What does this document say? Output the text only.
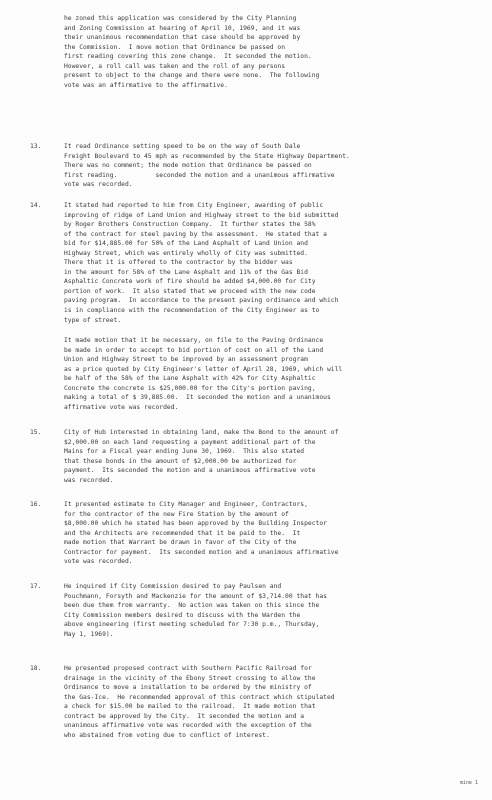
he zoned this application was considered by the City Planning
and Zoning Commission at hearing of April 10, 1969, and it was
their unanimous recommendation that case should be approved by
the Commission.  I move motion that Ordinance be passed on
first reading covering this zone change.  It seconded the motion.
However, a roll call was taken and the roll of any persons
present to object to the change and there were none.  The following
vote was an affirmative to the affirmative.
13.	It read Ordinance setting speed to be on the way of South Dale
Freight Boulevard to 45 mph as recommended by the State Highway Department.
There was no comment; the mode motion that Ordinance be passed on
first reading.          seconded the motion and a unanimous affirmative
vote was recorded.
14.	It stated had reported to him from City Engineer, awarding of public
improving of ridge of Land Union and Highway street to the bid submitted
by Roger Brothers Construction Company.  It further states the 58%
of the contract for steel paving by the assessment.  He stated that a
bid for $14,885.00 for 50% of the Land Asphalt of Land Union and
Highway Street, which was entirely wholly of City was submitted.
There that it is offered to the contractor by the bidder was
in the amount for 58% of the Lane Asphalt and 11% of the Gas Bid
Asphaltic Concrete work of fire should be added $4,000.00 for City
portion of work.  It also stated that we proceed with the new code
paving program.  In accordance to the present paving ordinance and which
is in compliance with the recommendation of the City Engineer as to
type of street.
It made motion that it be necessary, on file to the Paving Ordinance
be made in order to accept to bid portion of cost on all of the Land
Union and Highway Street to be improved by an assessment program
as a price quoted by City Engineer's letter of April 28, 1969, which will
be half of the 58% of the Lane Asphalt with 42% for City Asphaltic
Concrete the concrete is $25,000.00 for the City's portion paving,
making a total of $ 39,885.00.  It seconded the motion and a unanimous
affirmative vote was recorded.
15.	City of Hub interested in obtaining land, make the Bond to the amount of
$2,000.00 on each land requesting a payment additional part of the
Mains for a Fiscal year ending June 30, 1969.  This also stated
that these bonds in the amount of $2,000.00 be authorized for
payment.  Its seconded the motion and a unanimous affirmative vote
was recorded.
16.	It presented estimate to City Manager and Engineer, Contractors,
for the contractor of the new Fire Station by the amount of
$8,000.00 which he stated has been approved by the Building Inspector
and the Architects are recommended that it be paid to the.  It
made motion that Warrant be drawn in favor of the City of the
Contractor for payment.  Its seconded motion and a unanimous affirmative
vote was recorded.
17.	He inquired if City Commission desired to pay Paulsen and
Pouchmann, Forsyth and Mackenzie for the amount of $3,714.00 that has
been due them from warranty.  No action was taken on this since the
City Commission members desired to discuss with the Warden the
above engineering (first meeting scheduled for 7:30 p.m., Thursday,
May 1, 1969).
18.	He presented proposed contract with Southern Pacific Railroad for
drainage in the vicinity of the Ebony Street crossing to allow the
Ordinance to move a installation to be ordered by the ministry of
the Gas-Ice.  He recommended approval of this contract which stipulated
a check for $15.00 be mailed to the railroad.  It made motion that
contract be approved by the City.  It seconded the motion and a
unanimous affirmative vote was recorded with the exception of the
who abstained from voting due to conflict of interest.
mine 1
